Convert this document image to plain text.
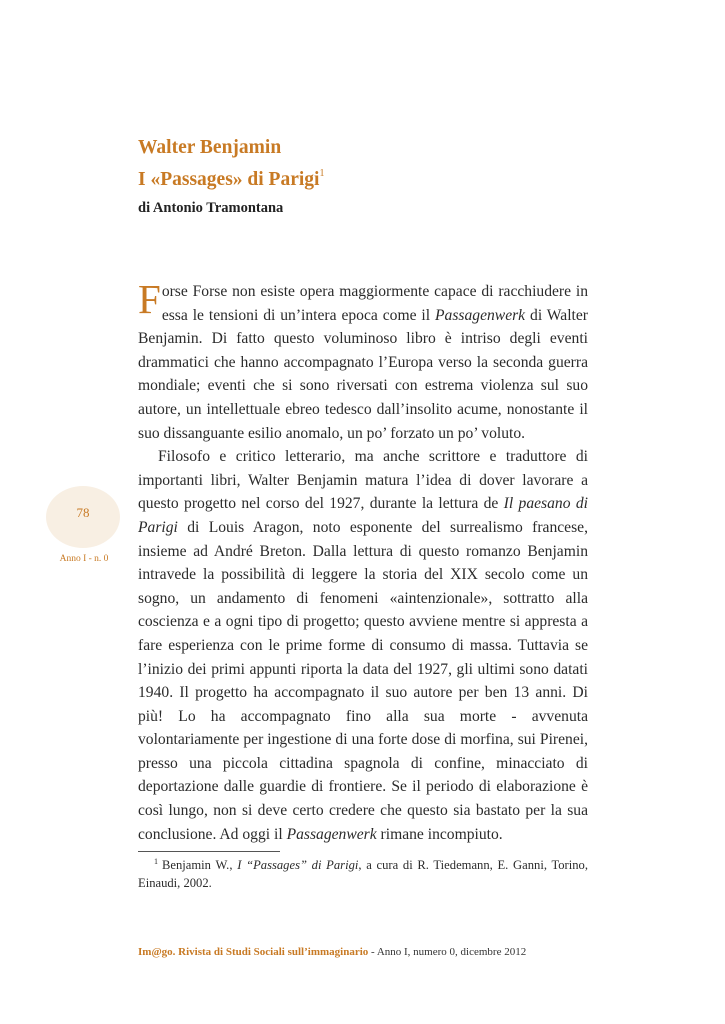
Walter Benjamin
I «Passages» di Parigi$^1$
di Antonio Tramontana

Forse Forse non esiste opera maggiormente capace di racchiudere in essa le tensioni di un’intera epoca come il Passagenwerk di Walter Benjamin. Di fatto questo voluminoso libro è intriso degli eventi drammatici che hanno accompagnato l’Europa verso la seconda guerra mondiale; eventi che si sono riversati con estrema violenza sul suo autore, un intellettuale ebreo tedesco dall’insolito acume, nonostante il suo dissanguante esilio anomalo, un po’ forzato un po’ voluto.

Filosofo e critico letterario, ma anche scrittore e traduttore di importanti libri, Walter Benjamin matura l’idea di dover lavorare a questo progetto nel corso del 1927, durante la lettura de Il paesano di Parigi di Louis Aragon, noto esponente del surrealismo francese, insieme ad André Breton. Dalla lettura di questo romanzo Benjamin intravede la possibilità di leggere la storia del XIX secolo come un sogno, un andamento di fenomeni «aintenzionale», sottratto alla coscienza e a ogni tipo di progetto; questo avviene mentre si appresta a fare esperienza con le prime forme di consumo di massa. Tuttavia se l’inizio dei primi appunti riporta la data del 1927, gli ultimi sono datati 1940. Il progetto ha accompagnato il suo autore per ben 13 anni. Di più! Lo ha accompagnato fino alla sua morte - avvenuta volontariamente per ingestione di una forte dose di morfina, sui Pirenei, presso una piccola cittadina spagnola di confine, minacciato di deportazione dalle guardie di frontiere. Se il periodo di elaborazione è così lungo, non si deve certo credere che questo sia bastato per la sua conclusione. Ad oggi il Passagenwerk rimane incompiuto.

78
Anno I - n. 0
$^1$ Benjamin W., I “Passages” di Parigi, a cura di R. Tiedemann, E. Ganni, Torino, Einaudi, 2002.
Im@go. Rivista di Studi Sociali sull’immaginario - Anno I, numero 0, dicembre 2012
